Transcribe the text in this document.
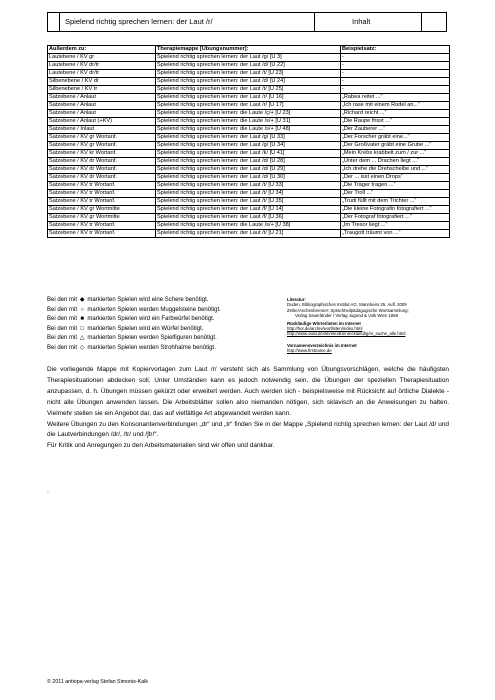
Spielend richtig sprechen lernen: der Laut /r/	Inhalt
Außerdem zu:	Therapiemappe [Übungsnummer]:	Beispielsatz:
Lautebene / KV gr	Spielend richtig sprechen lernen: der Laut /g/ [U 3]	-
Lautebene / KV dr/tr	Spielend richtig sprechen lernen: der Laut /d/ [U 22]	-
Lautebene / KV dr/tr	Spielend richtig sprechen lernen: der Laut /t/ [U 23]	-
Silbenebene / KV dr	Spielend richtig sprechen lernen: der Laut /d/ [U 24]	-
Silbenebene / KV tr	Spielend richtig sprechen lernen: der Laut /t/ [U 25]	-
Satzebene / Anlaut	Spielend richtig sprechen lernen: der Laut /r/ [U 16]	„Rabea reitet ...“
Satzebene / Anlaut	Spielend richtig sprechen lernen: der Laut /r/ [U 17]	„Ich rase mit einem Rodel an...“
Satzebene / Anlaut	Spielend richtig sprechen lernen: die Laute /ç/+ [U 23]	„Richard reicht ...“
Satzebene / Anlaut (+KV)	Spielend richtig sprechen lernen: die Laute /s/+ [U 31]	„Die Raupe frisst ...“
Satzebene / Inlaut	Spielend richtig sprechen lernen: die Laute /s/+ [U 48]	„Der Zauberer ...“
Satzebene / KV gr Wortanf.	Spielend richtig sprechen lernen: der Laut /g/ [U 33]	„Der Forscher gräbt eine...“
Satzebene / KV gr Wortanf.	Spielend richtig sprechen lernen: der Laut /g/ [U 34]	„Der Großvater gräbt eine Grube ...“
Satzebene / KV kr Wortanf.	Spielend richtig sprechen lernen: der Laut /k/ [U 41]	„Mein Krebs krabbelt zum / zur ...“
Satzebene / KV dr Wortanf.	Spielend richtig sprechen lernen: der Laut /d/ [U 28]	„Unter dem ... Drachen liegt ...“
Satzebene / KV dr Wortanf.	Spielend richtig sprechen lernen: der Laut /d/ [U 29]	„Ich drehe die Drehscheibe und ...“
Satzebene / KV dr Wortanf.	Spielend richtig sprechen lernen: der Laut /d/ [U 30]	„Der ... isst einen Drops“
Satzebene / KV tr Wortanf.	Spielend richtig sprechen lernen: der Laut /t/ [U 33]	„Die Träger tragen ...“
Satzebene / KV tr Wortanf.	Spielend richtig sprechen lernen: der Laut /t/ [U 34]	„Der Troll ...“
Satzebene / KV tr Wortanf.	Spielend richtig sprechen lernen: der Laut /t/ [U 35]	„Trudi füllt mit dem Trichter ...“
Satzebene / KV gr Wortmitte	Spielend richtig sprechen lernen: der Laut /f/ [U 14]	„Die kleine Fotografin fotografiert ...“
Satzebene / KV gr Wortmitte	Spielend richtig sprechen lernen: der Laut /f/ [U 36]	„Der Fotograf fotografiert ...“
Satzebene / KV tr Wortanf.	Spielend richtig sprechen lernen: die Laute /s/+ [U 38]	„Im Tresor liegt ...“
Satzebene / KV tr Wortanf.	Spielend richtig sprechen lernen: der Laut /t/ [U 21]	„Traugott träumt von ...“
Bei den mit ◆ markierten Spielen wird eine Schere benötigt.
Bei den mit ○ markierten Spielen werden Muggelsteine benötigt.
Bei den mit ■ markierten Spielen wird ein Farbwürfel benötigt.
Bei den mit □ markierten Spielen wird ein Würfel benötigt.
Bei den mit △ markierten Spielen werden Spielfiguren benötigt.
Bei den mit ◇ markierten Spielen werden Strohhalme benötigt.
Literatur:
Duden, Bibliographisches Institut AG, Mannheim 25. Aufl. 2009
Zeller/Aschenbrenner: Sprachheilpädagogische Wortsammlung;
Verlag Sauerländer / Verlag Jugend & Volk Wien 1998
Rückläufige Wörterlisten im Internet
http://hor.de/archiv/wortlisten/index.html
http://www.owid.de/wb/elexiko/ruecklaeufig/rs_suche_alle.html
Vornamensverzeichnis im Internet
http://www.firstname.de
Die vorliegende Mappe mit Kopiervorlagen zum Laut /r/ versteht sich als Sammlung von Übungsvorschlägen, welche die häufigsten Therapiesituationen abdecken soll. Unter Umständen kann es jedoch notwendig sein, die Übungen der speziellen Therapiesituation anzupassen, d. h. Übungen müssen gekürzt oder erweitert werden. Auch werden sich - beispielsweise mit Rücksicht auf örtliche Dialekte - nicht alle Übungen anwenden lassen. Die Arbeitsblätter sollen also niemanden nötigen, sich sklavisch an die Anweisungen zu halten. Vielmehr stellen sie ein Angebot dar, das auf vielfältige Art abgewandelt werden kann.
Weitere Übungen zu den Konsonantenverbindungen „dr“ und „tr“ finden Sie in der Mappe „Spielend richtig sprechen lernen: der Laut /d/ und die Lautverbindungen /dr/, /tr/ und /ʃtr/“.
Für Kritik und Anregungen zu den Arbeitsmaterialien sind wir offen und dankbar.
.
© 2011 antiopa-verlag Stefan Simonis-Kalk
